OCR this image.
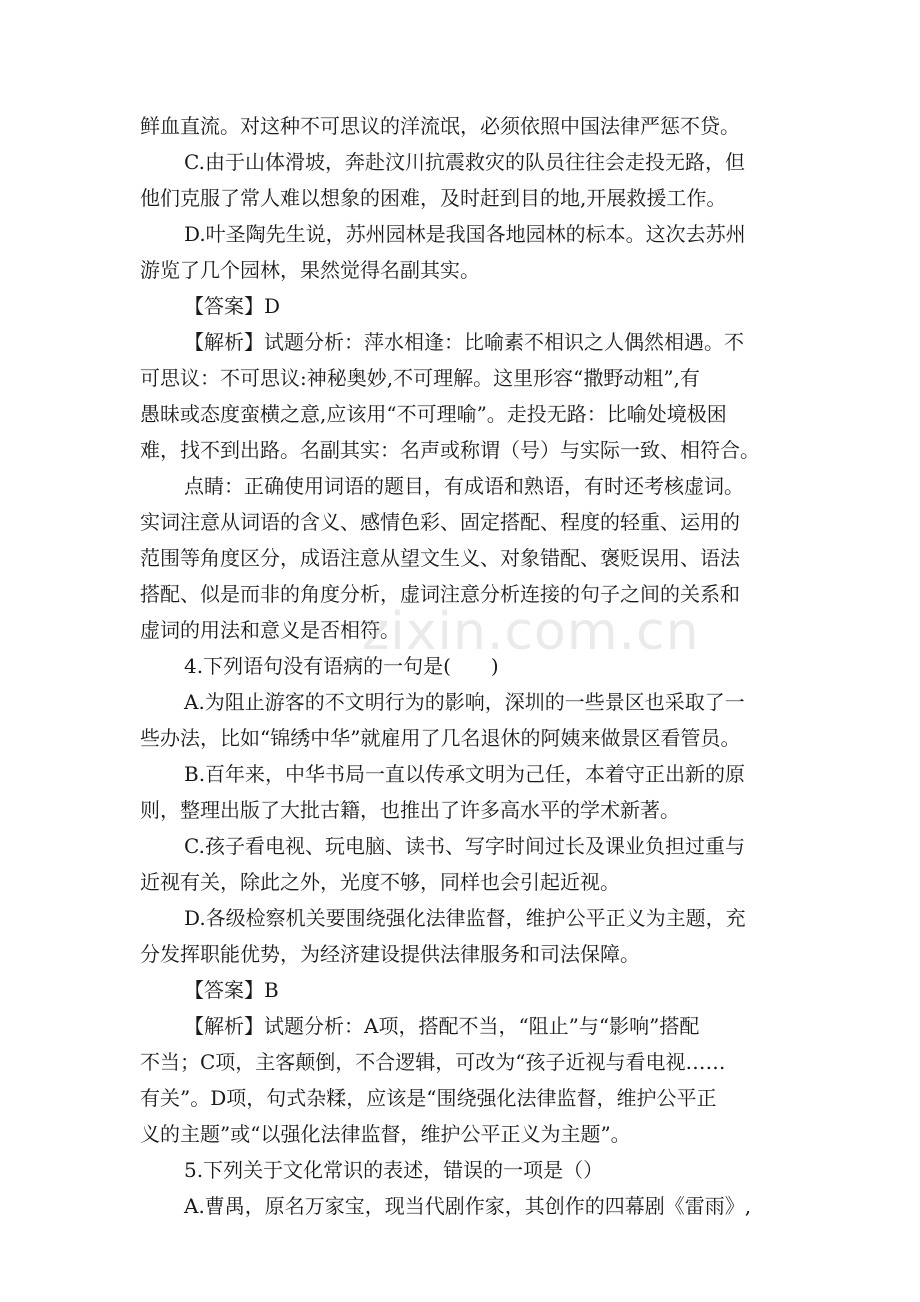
鲜血直流。对这种不可思议的洋流氓，必须依照中国法律严惩不贷。
C.由于山体滑坡，奔赴汶川抗震救灾的队员往往会走投无路，但
他们克服了常人难以想象的困难，及时赶到目的地,开展救援工作。
D.叶圣陶先生说，苏州园林是我国各地园林的标本。这次去苏州
游览了几个园林，果然觉得名副其实。
【答案】D
【解析】试题分析：萍水相逢：比喻素不相识之人偶然相遇。不
可思议：不可思议:神秘奥妙,不可理解。这里形容“撒野动粗”,有
愚昧或态度蛮横之意,应该用“不可理喻”。走投无路：比喻处境极困
难，找不到出路。名副其实：名声或称谓（号）与实际一致、相符合。
点睛：正确使用词语的题目，有成语和熟语，有时还考核虚词。
实词注意从词语的含义、感情色彩、固定搭配、程度的轻重、运用的
范围等角度区分，成语注意从望文生义、对象错配、褒贬误用、语法
搭配、似是而非的角度分析，虚词注意分析连接的句子之间的关系和
虚词的用法和意义是否相符。
4.下列语句没有语病的一句是(　　)
A.为阻止游客的不文明行为的影响，深圳的一些景区也采取了一
些办法，比如“锦绣中华”就雇用了几名退休的阿姨来做景区看管员。
B.百年来，中华书局一直以传承文明为己任，本着守正出新的原
则，整理出版了大批古籍，也推出了许多高水平的学术新著。
C.孩子看电视、玩电脑、读书、写字时间过长及课业负担过重与
近视有关，除此之外，光度不够，同样也会引起近视。
D.各级检察机关要围绕强化法律监督，维护公平正义为主题，充
分发挥职能优势，为经济建设提供法律服务和司法保障。
【答案】B
【解析】试题分析：A项，搭配不当，“阻止”与“影响”搭配
不当；C项，主客颠倒，不合逻辑，可改为“孩子近视与看电视……
有关”。D项，句式杂糅，应该是“围绕强化法律监督，维护公平正
义的主题”或“以强化法律监督，维护公平正义为主题”。
5.下列关于文化常识的表述，错误的一项是（）
A.曹禺，原名万家宝，现当代剧作家，其创作的四幕剧《雷雨》,
zixin.com.cn
